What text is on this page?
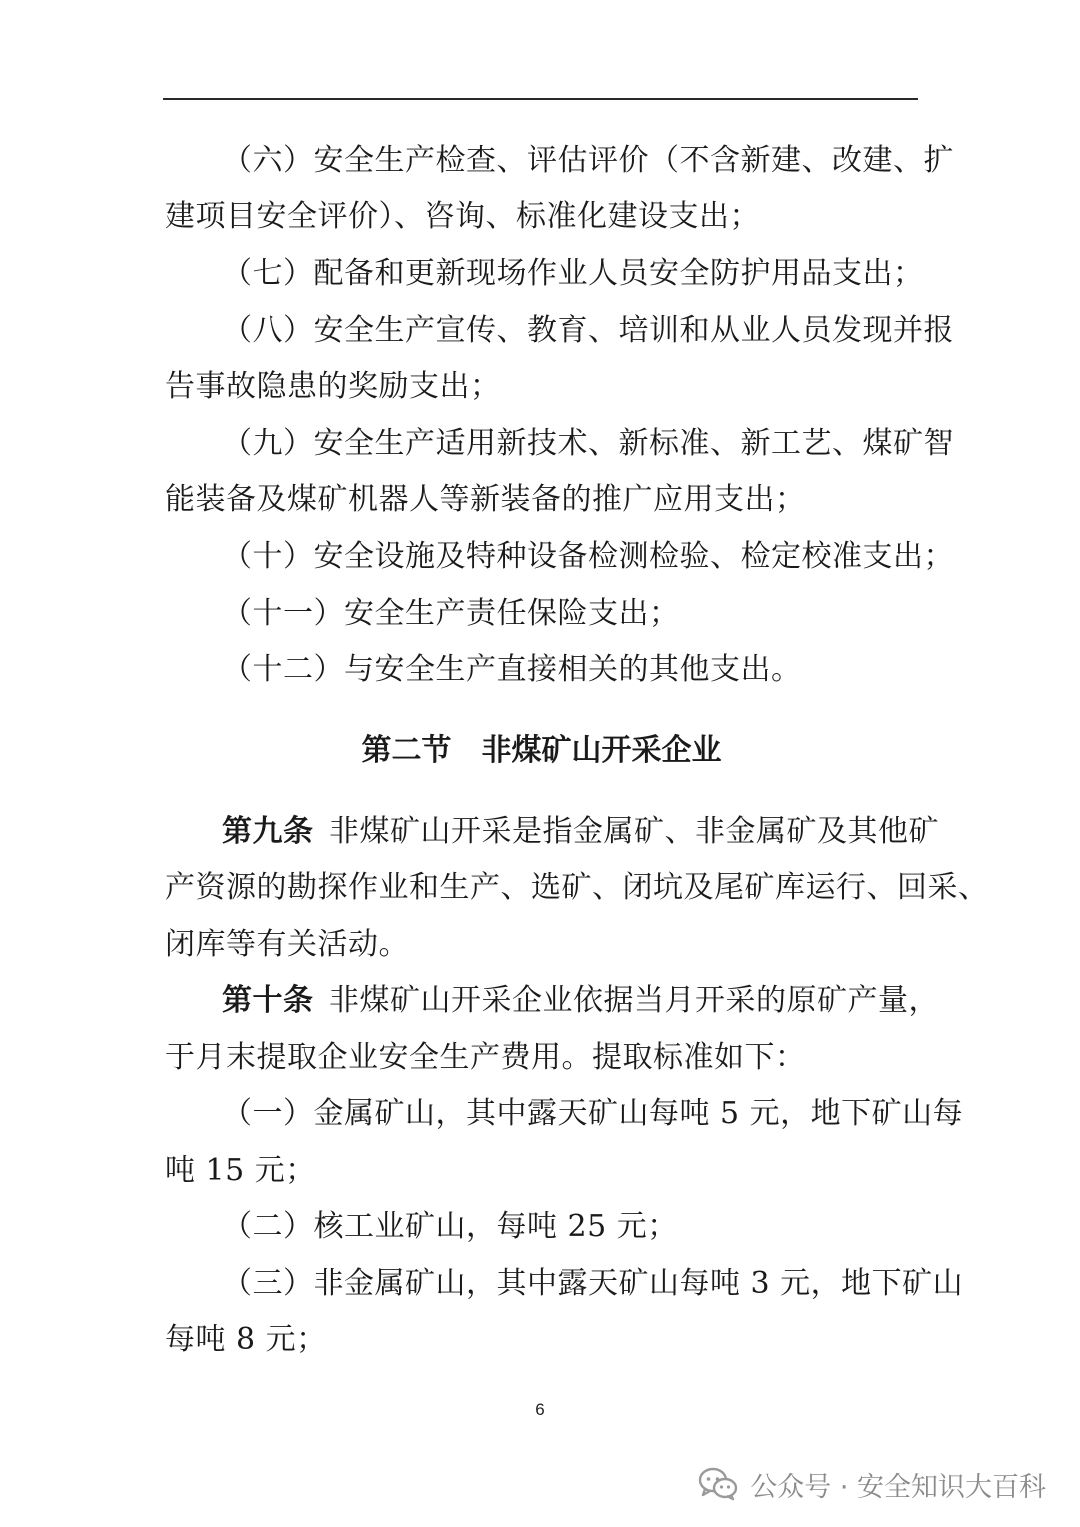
（六）安全生产检查、评估评价（不含新建、改建、扩
建项目安全评价）、咨询、标准化建设支出；
（七）配备和更新现场作业人员安全防护用品支出；
（八）安全生产宣传、教育、培训和从业人员发现并报
告事故隐患的奖励支出；
（九）安全生产适用新技术、新标准、新工艺、煤矿智
能装备及煤矿机器人等新装备的推广应用支出；
（十）安全设施及特种设备检测检验、检定校准支出；
（十一）安全生产责任保险支出；
（十二）与安全生产直接相关的其他支出。
第二节　非煤矿山开采企业
第九条  非煤矿山开采是指金属矿、非金属矿及其他矿
产资源的勘探作业和生产、选矿、闭坑及尾矿库运行、回采、
闭库等有关活动。
第十条  非煤矿山开采企业依据当月开采的原矿产量，
于月末提取企业安全生产费用。提取标准如下：
（一）金属矿山，其中露天矿山每吨 5 元，地下矿山每
吨 15 元；
（二）核工业矿山，每吨 25 元；
（三）非金属矿山，其中露天矿山每吨 3 元，地下矿山
每吨 8 元；
6
公众号 · 安全知识大百科
